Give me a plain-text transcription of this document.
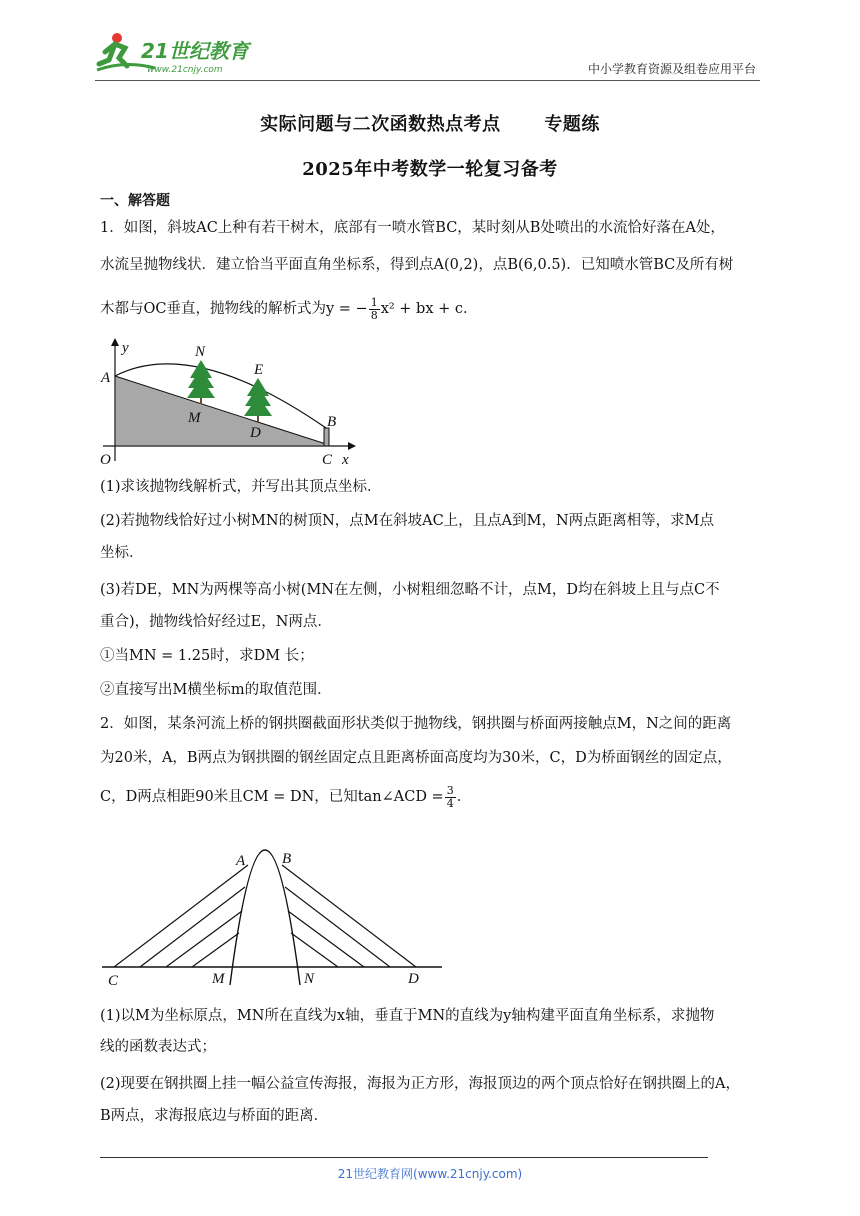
21世纪教育
www.21cnjy.com	中小学教育资源及组卷应用平台
实际问题与二次函数热点考点　　 专题练
2025年中考数学一轮复习备考
一、解答题
1．如图，斜坡AC上种有若干树木，底部有一喷水管BC，某时刻从B处喷出的水流恰好落在A处，
水流呈抛物线状．建立恰当平面直角坐标系，得到点A(0,2)，点B(6,0.5)．已知喷水管BC及所有树
木都与OC垂直，抛物线的解析式为y = − $\frac{1}{8} x^2$ + bx + c．
y
x
O
A
N
E
M
D
B
C
(1)求该抛物线解析式，并写出其顶点坐标．
(2)若抛物线恰好过小树MN的树顶N，点M在斜坡AC上，且点A到M，N两点距离相等，求M点
坐标．
(3)若DE，MN为两棵等高小树(MN在左侧，小树粗细忽略不计，点M，D均在斜坡上且与点C不
重合)，抛物线恰好经过E，N两点．
①当MN = 1.25时，求DM 长；
②直接写出M横坐标m的取值范围．
2．如图，某条河流上桥的钢拱圈截面形状类似于抛物线，钢拱圈与桥面两接触点M，N之间的距离
为20米，A，B两点为钢拱圈的钢丝固定点且距离桥面高度均为30米，C，D为桥面钢丝的固定点，
C，D两点相距90米且CM = DN，已知tan∠ACD = $\frac{3}{4}$ ．
A B
C	D
M	N
(1)以M为坐标原点，MN所在直线为x轴，垂直于MN的直线为y轴构建平面直角坐标系，求抛物
线的函数表达式；
(2)现要在钢拱圈上挂一幅公益宣传海报，海报为正方形，海报顶边的两个顶点恰好在钢拱圈上的A，
B两点，求海报底边与桥面的距离．
21世纪教育网(www.21cnjy.com)
